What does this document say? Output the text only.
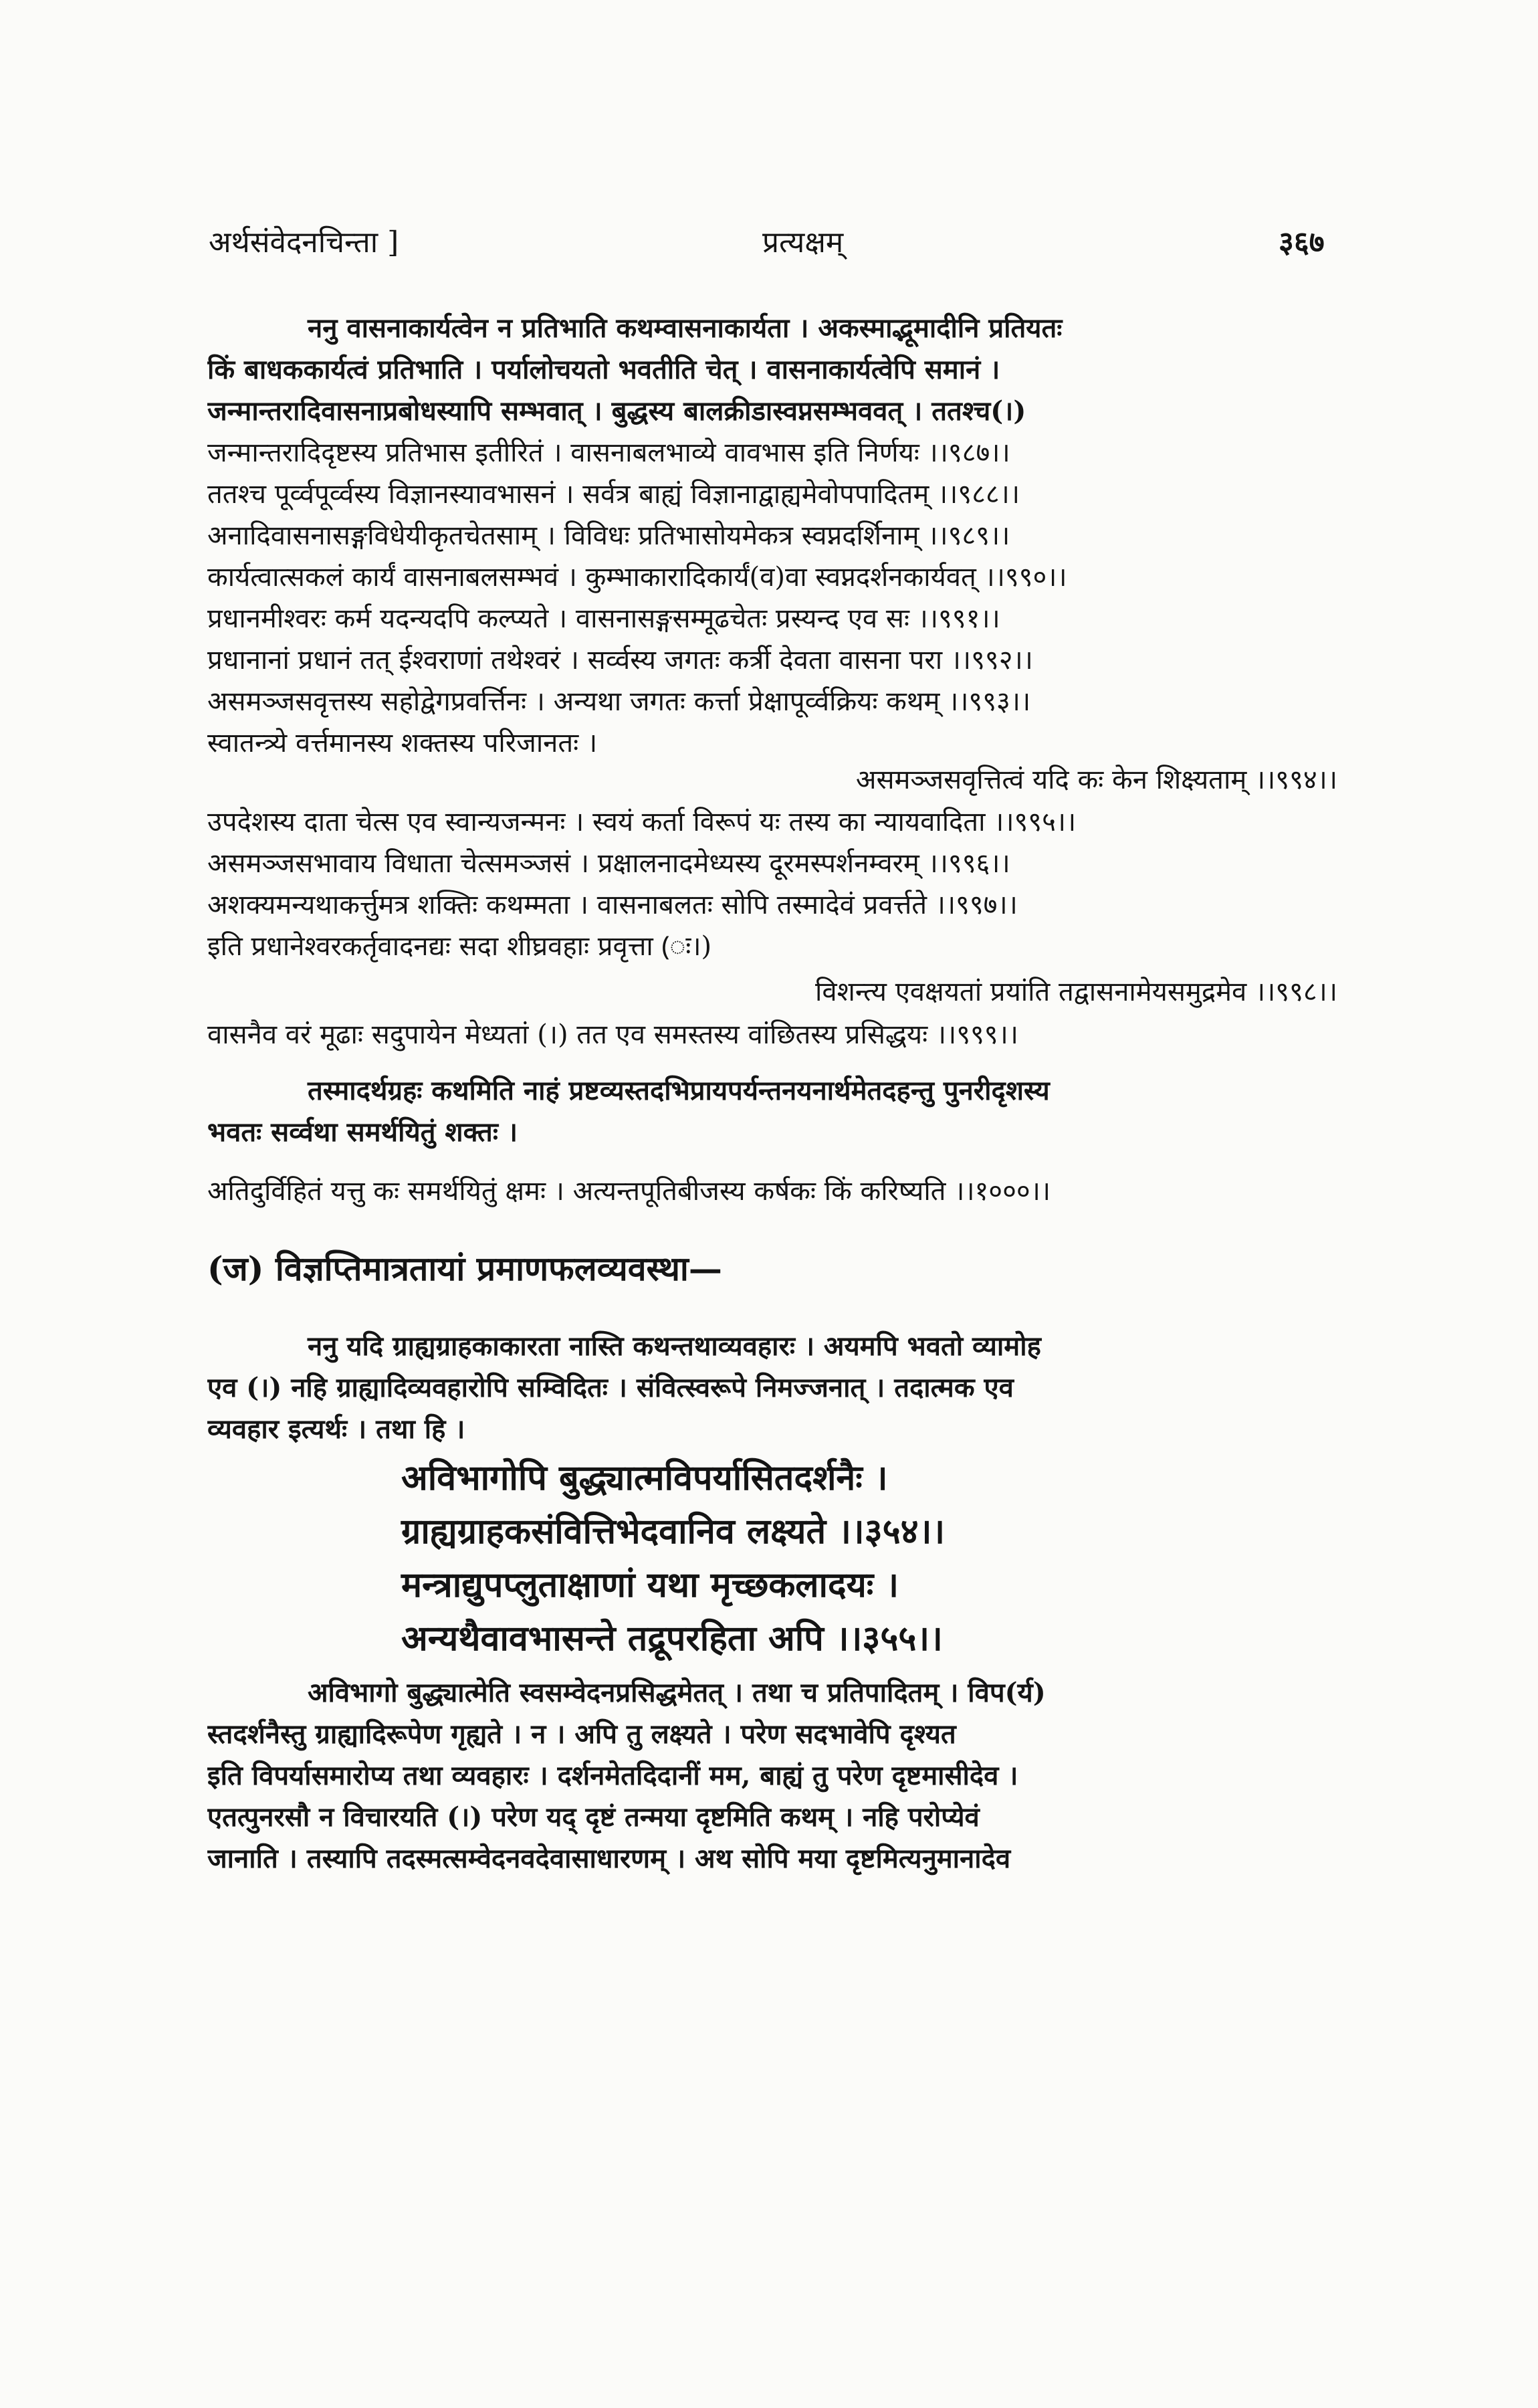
अर्थसंवेदनचिन्ता ]	प्रत्यक्षम्	३६७
ननु वासनाकार्यत्वेन न प्रतिभाति कथम्वासनाकार्यता । अकस्माद्भूमादीनि प्रतियतः
किं बाधककार्यत्वं प्रतिभाति । पर्यालोचयतो भवतीति चेत् । वासनाकार्यत्वेपि समानं ।
जन्मान्तरादिवासनाप्रबोधस्यापि सम्भवात् । बुद्धस्य बालक्रीडास्वप्नसम्भववत् । ततश्च(।)
जन्मान्तरादिदृष्टस्य प्रतिभास इतीरितं । वासनाबलभाव्ये वावभास इति निर्णयः ।।९८७।।
ततश्च पूर्व्वपूर्व्वस्य विज्ञानस्यावभासनं । सर्वत्र बाह्यं विज्ञानाद्वाह्यमेवोपपादितम् ।।९८८।।
अनादिवासनासङ्गविधेयीकृतचेतसाम् । विविधः प्रतिभासोयमेकत्र स्वप्नदर्शिनाम् ।।९८९।।
कार्यत्वात्सकलं कार्यं वासनाबलसम्भवं । कुम्भाकारादिकार्यं(व)वा स्वप्नदर्शनकार्यवत् ।।९९०।।
प्रधानमीश्वरः कर्म यदन्यदपि कल्प्यते । वासनासङ्गसम्मूढचेतः प्रस्यन्द एव सः ।।९९१।।
प्रधानानां प्रधानं तत् ईश्वराणां तथेश्वरं । सर्व्वस्य जगतः कर्त्री देवता वासना परा ।।९९२।।
असमञ्जसवृत्तस्य सहोद्वेगप्रवर्त्तिनः । अन्यथा जगतः कर्त्ता प्रेक्षापूर्व्वक्रियः कथम् ।।९९३।।
स्वातन्त्र्ये वर्त्तमानस्य शक्तस्य परिजानतः ।
असमञ्जसवृत्तित्वं यदि कः केन शिक्ष्यताम् ।।९९४।।
उपदेशस्य दाता चेत्स एव स्वान्यजन्मनः । स्वयं कर्ता विरूपं यः तस्य का न्यायवादिता ।।९९५।।
असमञ्जसभावाय विधाता चेत्समञ्जसं । प्रक्षालनादमेध्यस्य दूरमस्पर्शनम्वरम् ।।९९६।।
अशक्यमन्यथाकर्त्तुमत्र शक्तिः कथम्मता । वासनाबलतः सोपि तस्मादेवं प्रवर्त्तते ।।९९७।।
इति प्रधानेश्वरकर्तृवादनद्यः सदा शीघ्रवहाः प्रवृत्ता (ः।)
विशन्त्य एवक्षयतां प्रयांति तद्वासनामेयसमुद्रमेव ।।९९८।।
वासनैव वरं मूढाः सदुपायेन मेध्यतां (।) तत एव समस्तस्य वांछितस्य प्रसिद्धयः ।।९९९।।
तस्मादर्थग्रहः कथमिति नाहं प्रष्टव्यस्तदभिप्रायपर्यन्तनयनार्थमेतदहन्तु पुनरीदृशस्य
भवतः सर्व्वथा समर्थयितुं शक्तः ।
अतिदुर्विहितं यत्तु कः समर्थयितुं क्षमः । अत्यन्तपूतिबीजस्य कर्षकः किं करिष्यति ।।१०००।।
(ज) विज्ञप्तिमात्रतायां प्रमाणफलव्यवस्था—
ननु यदि ग्राह्यग्राहकाकारता नास्ति कथन्तथाव्यवहारः । अयमपि भवतो व्यामोह
एव (।) नहि ग्राह्यादिव्यवहारोपि सम्विदितः । संवित्स्वरूपे निमज्जनात् । तदात्मक एव
व्यवहार इत्यर्थः । तथा हि ।
अविभागोपि बुद्ध्यात्मविपर्यासितदर्शनैः ।
ग्राह्यग्राहकसंवित्तिभेदवानिव लक्ष्यते ।।३५४।।
मन्त्राद्युपप्लुताक्षाणां यथा मृच्छकलादयः ।
अन्यथैवावभासन्ते तद्रूपरहिता अपि ।।३५५।।
अविभागो बुद्ध्यात्मेति स्वसम्वेदनप्रसिद्धमेतत् । तथा च प्रतिपादितम् । विप(र्य)
स्तदर्शनैस्तु ग्राह्यादिरूपेण गृह्यते । न । अपि तु लक्ष्यते । परेण सदभावेपि दृश्यत
इति विपर्यासमारोप्य तथा व्यवहारः । दर्शनमेतदिदानीं मम, बाह्यं तु परेण दृष्टमासीदेव ।
एतत्पुनरसौ न विचारयति (।) परेण यद् दृष्टं तन्मया दृष्टमिति कथम् । नहि परोप्येवं
जानाति । तस्यापि तदस्मत्सम्वेदनवदेवासाधारणम् । अथ सोपि मया दृष्टमित्यनुमानादेव
